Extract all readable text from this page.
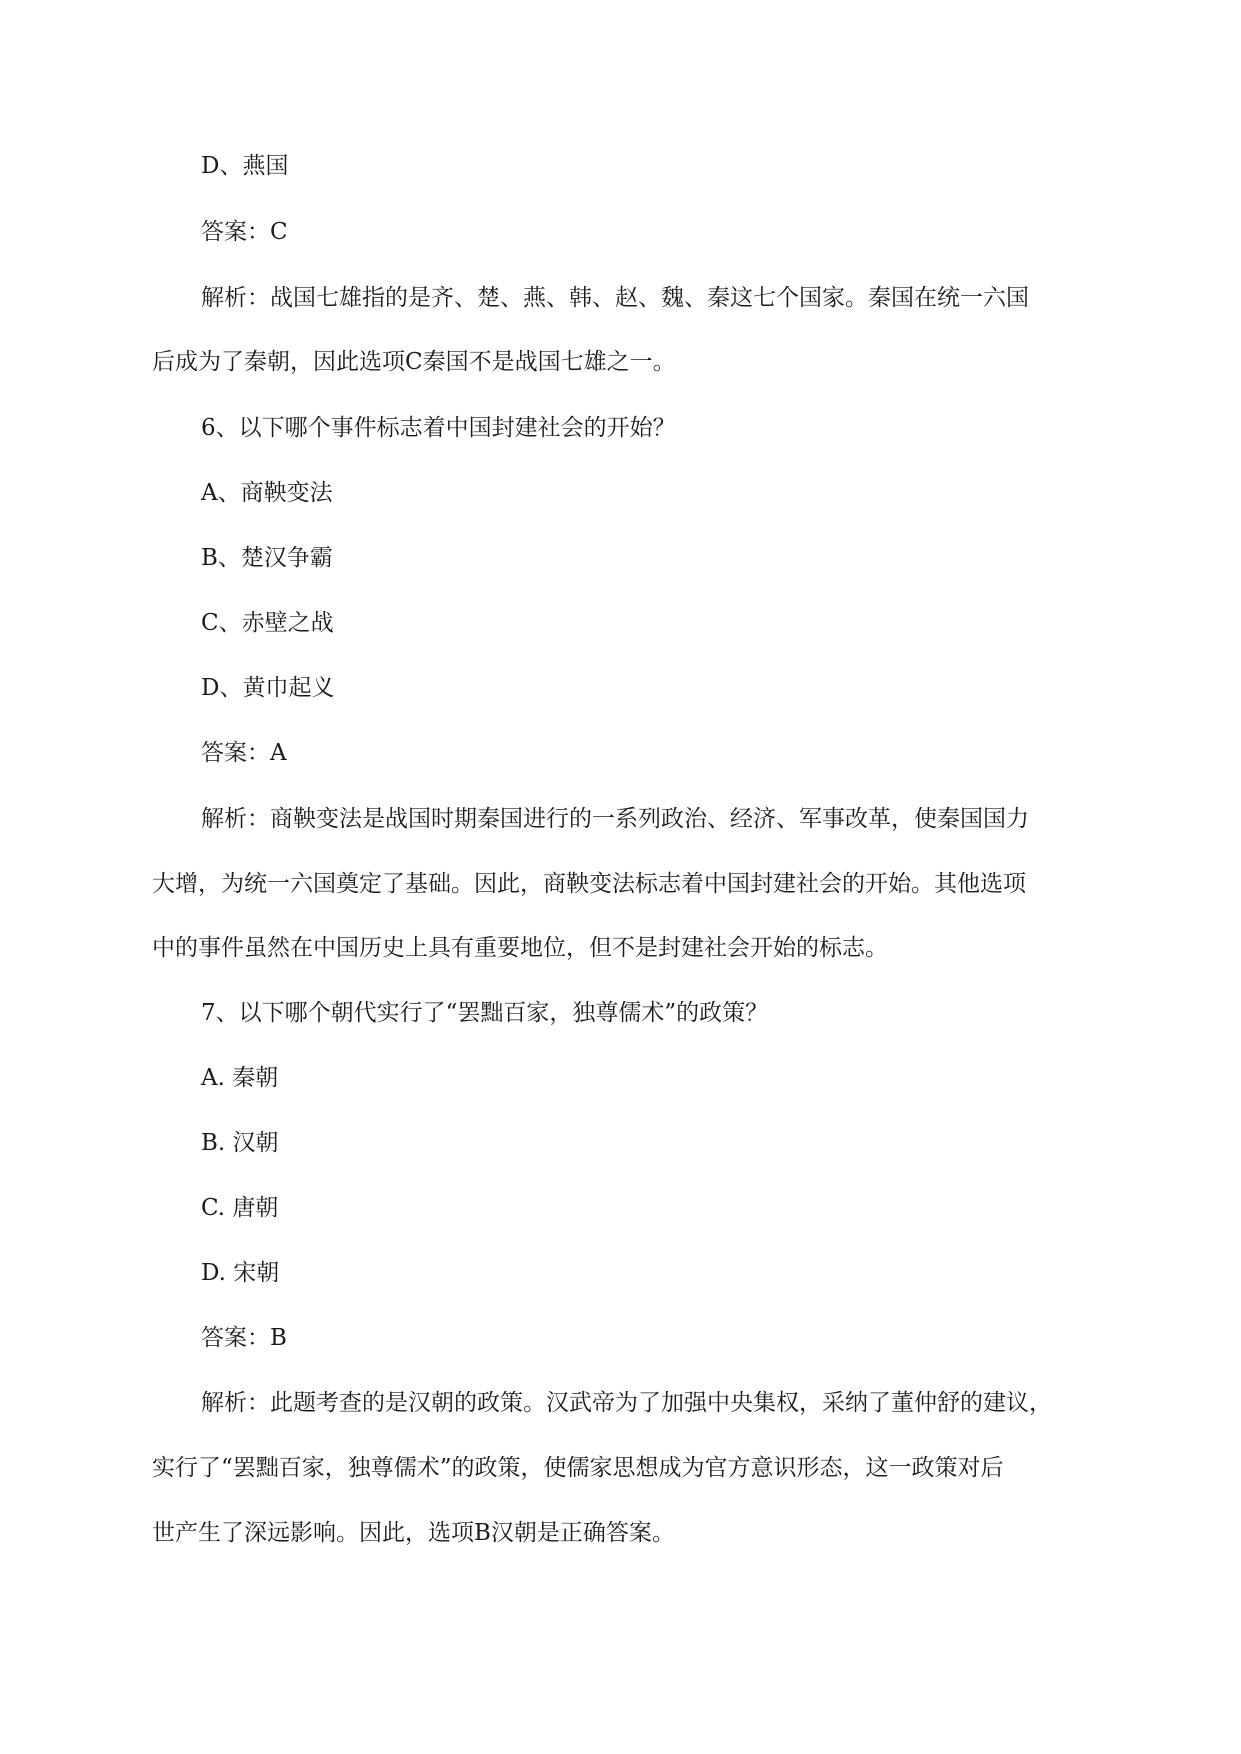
D、燕国
答案：C
解析：战国七雄指的是齐、楚、燕、韩、赵、魏、秦这七个国家。秦国在统一六国
后成为了秦朝，因此选项C秦国不是战国七雄之一。
6、以下哪个事件标志着中国封建社会的开始？
A、商鞅变法
B、楚汉争霸
C、赤壁之战
D、黄巾起义
答案：A
解析：商鞅变法是战国时期秦国进行的一系列政治、经济、军事改革，使秦国国力
大增，为统一六国奠定了基础。因此，商鞅变法标志着中国封建社会的开始。其他选项
中的事件虽然在中国历史上具有重要地位，但不是封建社会开始的标志。
7、以下哪个朝代实行了“罢黜百家，独尊儒术”的政策？
A. 秦朝
B. 汉朝
C. 唐朝
D. 宋朝
答案：B
解析：此题考查的是汉朝的政策。汉武帝为了加强中央集权，采纳了董仲舒的建议，
实行了“罢黜百家，独尊儒术”的政策，使儒家思想成为官方意识形态，这一政策对后
世产生了深远影响。因此，选项B汉朝是正确答案。
